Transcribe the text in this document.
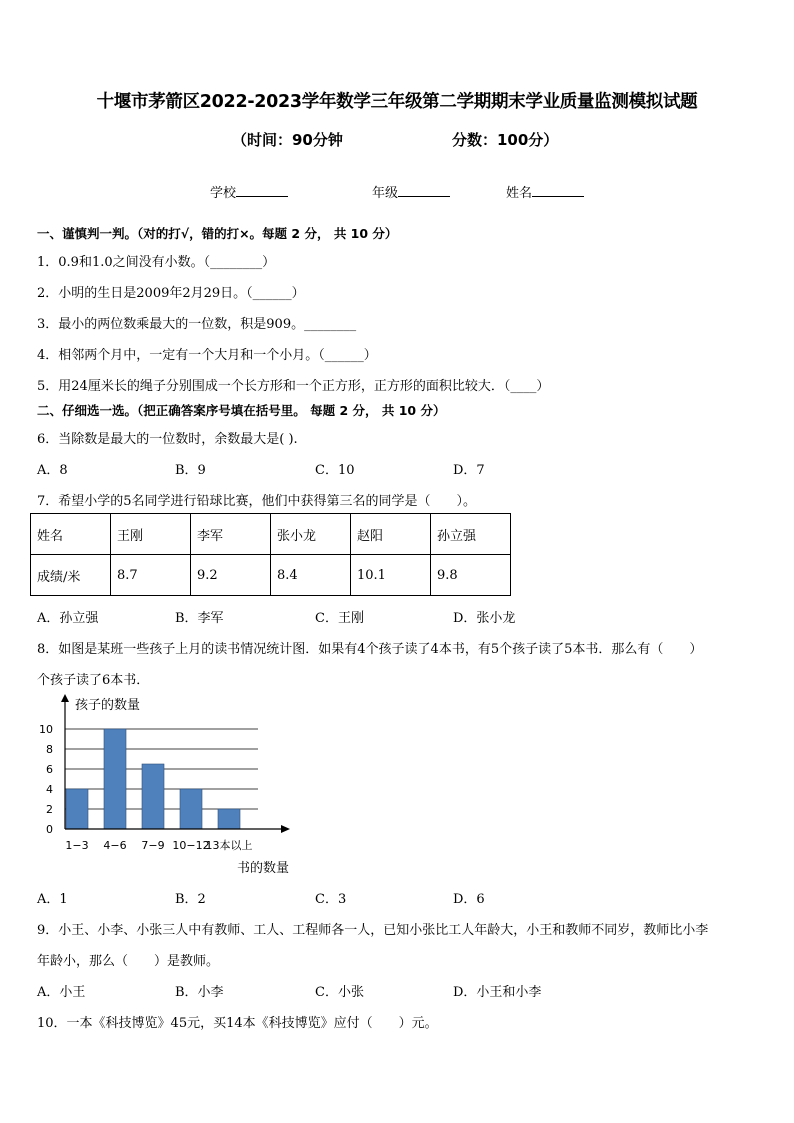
十堰市茅箭区2022-2023学年数学三年级第二学期期末学业质量监测模拟试题
（时间：90分钟	分数：100分）
学校	年级	姓名
一、谨慎判一判。（对的打√，错的打×。每题 2 分， 共 10 分）
1．0.9和1.0之间没有小数。（________）
2．小明的生日是2009年2月29日。（______）
3．最小的两位数乘最大的一位数，积是909。________
4．相邻两个月中，一定有一个大月和一个小月。（______）
5．用24厘米长的绳子分别围成一个长方形和一个正方形，正方形的面积比较大．（____）
二、仔细选一选。（把正确答案序号填在括号里。 每题 2 分， 共 10 分）
6．当除数是最大的一位数时，余数最大是( ).
A．8	B．9	C．10	D．7
7．希望小学的5名同学进行铅球比赛，他们中获得第三名的同学是（　　）。
姓名	王刚	李军	张小龙	赵阳	孙立强
成绩/米	8.7	9.2	8.4	10.1	9.8
A．孙立强	B．李军	C．王刚	D．张小龙
8．如图是某班一些孩子上月的读书情况统计图．如果有4个孩子读了4本书，有5个孩子读了5本书．那么有（　　）
个孩子读了6本书．
孩子的数量
书的数量
0
2
4
6
8
10
1−3 4−6 7−9 10−12
13本以上
A．1	B．2	C．3	D．6
9．小王、小李、小张三人中有教师、工人、工程师各一人，已知小张比工人年龄大，小王和教师不同岁，教师比小李
年龄小，那么（　　）是教师。
A．小王	B．小李	C．小张	D．小王和小李
10．一本《科技博览》45元，买14本《科技博览》应付（　　）元。
